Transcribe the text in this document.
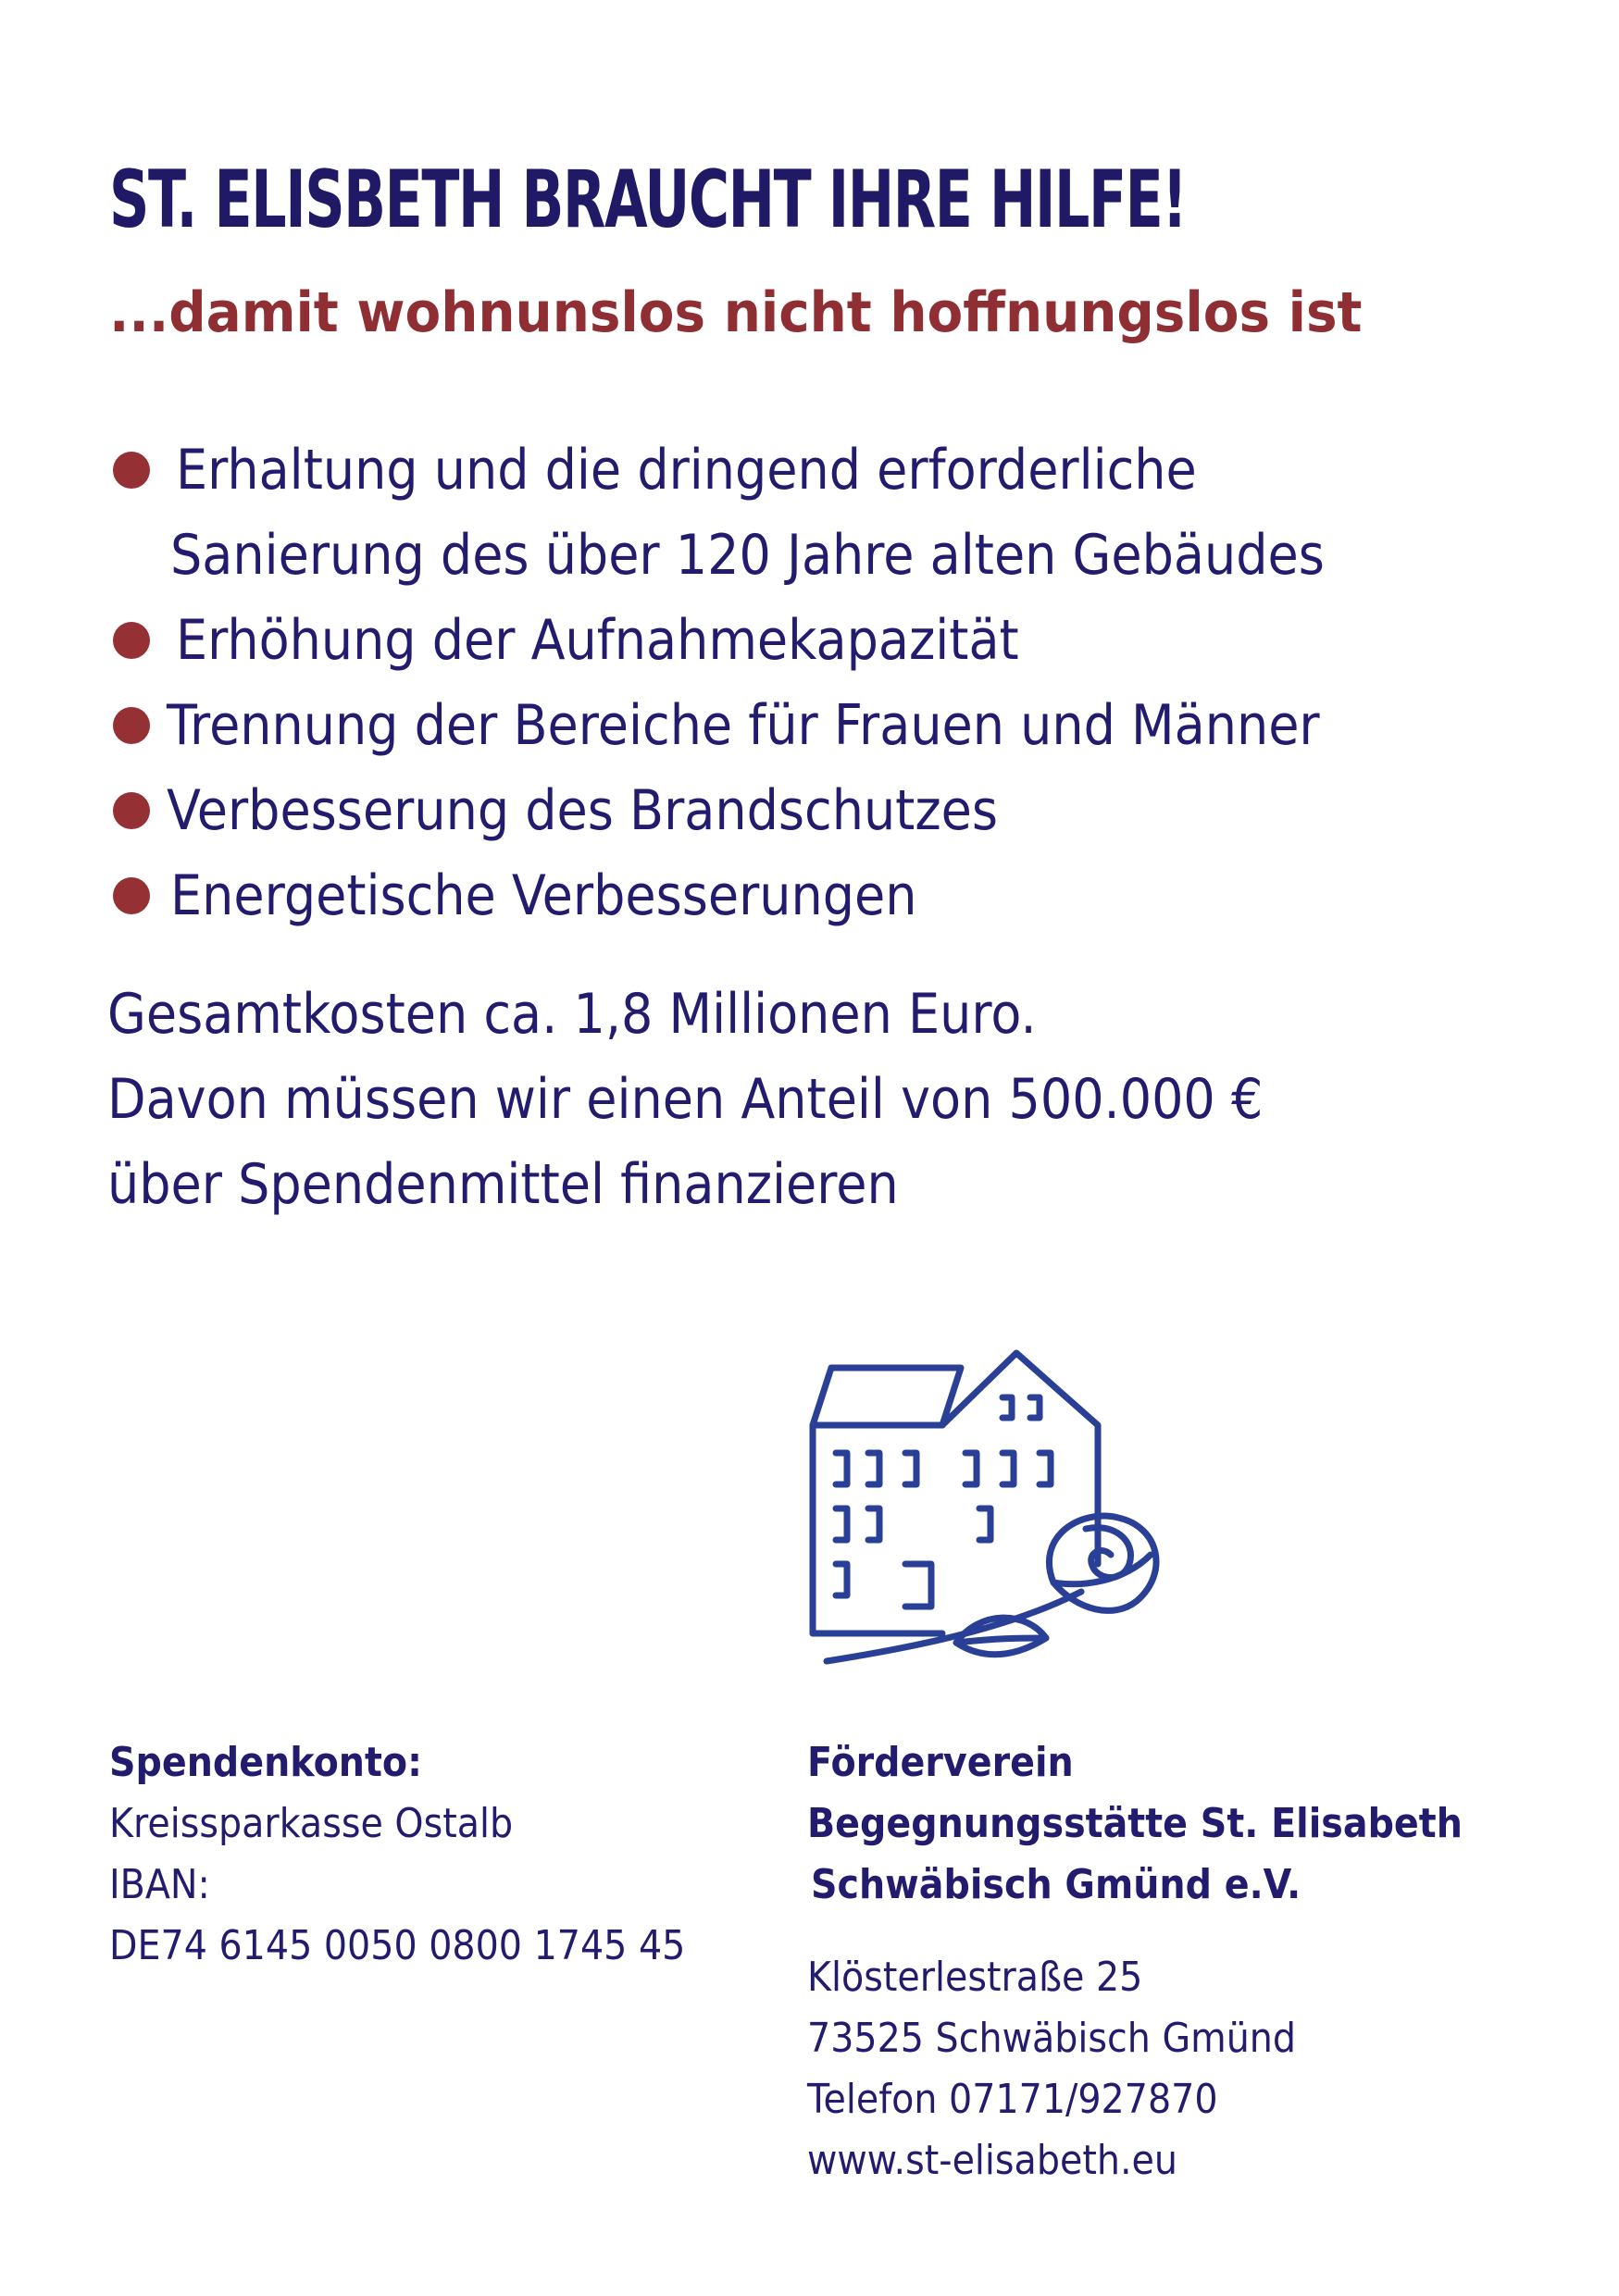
ST. ELISBETH BRAUCHT IHRE HILFE!

...damit wohnunslos nicht hoffnungslos ist

Erhaltung und die dringend erforderliche
Sanierung des über 120 Jahre alten Gebäudes
Erhöhung der Aufnahmekapazität
Trennung der Bereiche für Frauen und Männer
Verbesserung des Brandschutzes
Energetische Verbesserungen
Gesamtkosten ca. 1,8 Millionen Euro.
Davon müssen wir einen Anteil von 500.000 €
über Spendenmittel finanzieren
Spendenkonto:
Kreissparkasse Ostalb
IBAN:
DE74 6145 0050 0800 1745 45
Förderverein
Begegnungsstätte St. Elisabeth
Schwäbisch Gmünd e.V.
Klösterlestraße 25
73525 Schwäbisch Gmünd
Telefon 07171/927870
www.st-elisabeth.eu
